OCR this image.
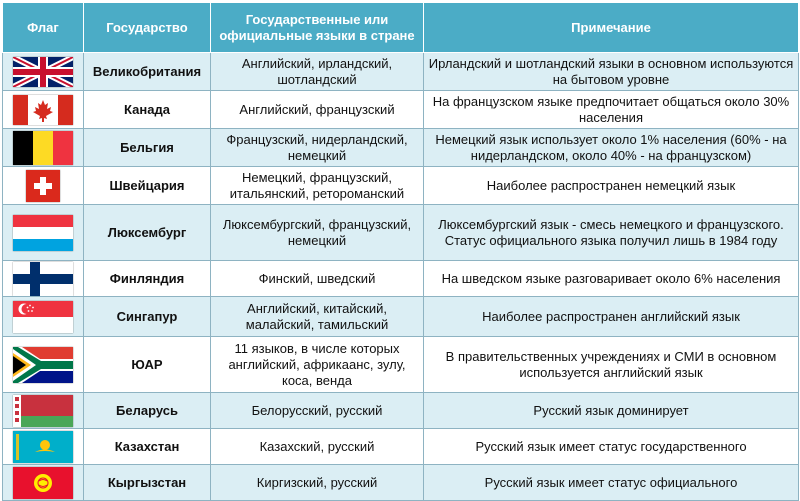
Флаг	Государство	Государственные или официальные языки в стране	Примечание

	Великобритания	Английский, ирландский, шотландский	Ирландский и шотландский языки в основном используются на бытовом уровне

	Канада	Английский, французский	На французском языке предпочитает общаться около 30% населения

	Бельгия	Французский, нидерландский, немецкий	Немецкий язык использует около 1% населения (60% - на нидерландском, около 40% - на французском)

	Швейцария	Немецкий, французский, итальянский, ретороманский	Наиболее распространен немецкий язык

	Люксембург	Люксембургский, французский, немецкий	Люксембургский язык - смесь немецкого и французского. Статус официального языка получил лишь в 1984 году

	Финляндия	Финский, шведский	На шведском языке разговаривает около 6% населения

	Сингапур	Английский, китайский, малайский, тамильский	Наиболее распространен английский язык

	ЮАР	11 языков, в числе которых английский, африкаанс, зулу, коса, венда	В правительственных учреждениях и СМИ в основном используется английский язык

	Беларусь	Белорусский, русский	Русский язык доминирует

	Казахстан	Казахский, русский	Русский язык имеет статус государственного

	Кыргызстан	Киргизский, русский	Русский язык имеет статус официального
